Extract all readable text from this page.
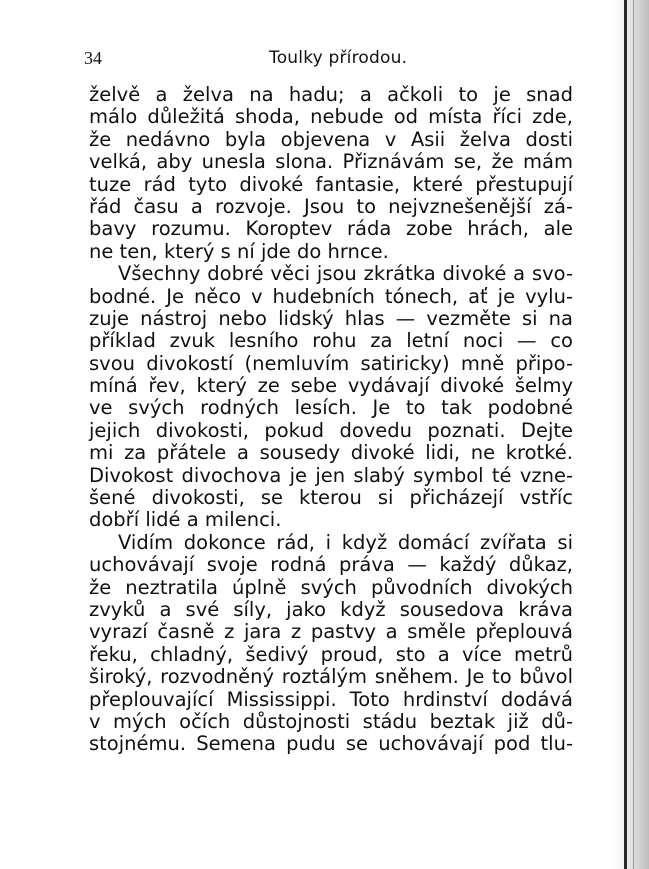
34	Toulky přírodou.
želvě a želva na hadu; a ačkoli to je snad
málo důležitá shoda, nebude od místa říci zde,
že nedávno byla objevena v Asii želva dosti
velká, aby unesla slona. Přiznávám se, že mám
tuze rád tyto divoké fantasie, které přestupují
řád času a rozvoje. Jsou to nejvznešenější zá-
bavy rozumu. Koroptev ráda zobe hrách, ale
ne ten, který s ní jde do hrnce.
Všechny dobré věci jsou zkrátka divoké a svo-
bodné. Je něco v hudebních tónech, ať je vylu-
zuje nástroj nebo lidský hlas — vezměte si na
příklad zvuk lesního rohu za letní noci — co
svou divokostí (nemluvím satiricky) mně připo-
míná řev, který ze sebe vydávají divoké šelmy
ve svých rodných lesích. Je to tak podobné
jejich divokosti, pokud dovedu poznati. Dejte
mi za přátele a sousedy divoké lidi, ne krotké.
Divokost divochova je jen slabý symbol té vzne-
šené divokosti, se kterou si přicházejí vstříc
dobří lidé a milenci.
Vidím dokonce rád, i když domácí zvířata si
uchovávají svoje rodná práva — každý důkaz,
že neztratila úplně svých původních divokých
zvyků a své síly, jako když sousedova kráva
vyrazí časně z jara z pastvy a směle přeplouvá
řeku, chladný, šedivý proud, sto a více metrů
široký, rozvodněný roztálým sněhem. Je to bůvol
přeplouvající Mississippi. Toto hrdinství dodává
v mých očích důstojnosti stádu beztak již dů-
stojnému. Semena pudu se uchovávají pod tlu-
